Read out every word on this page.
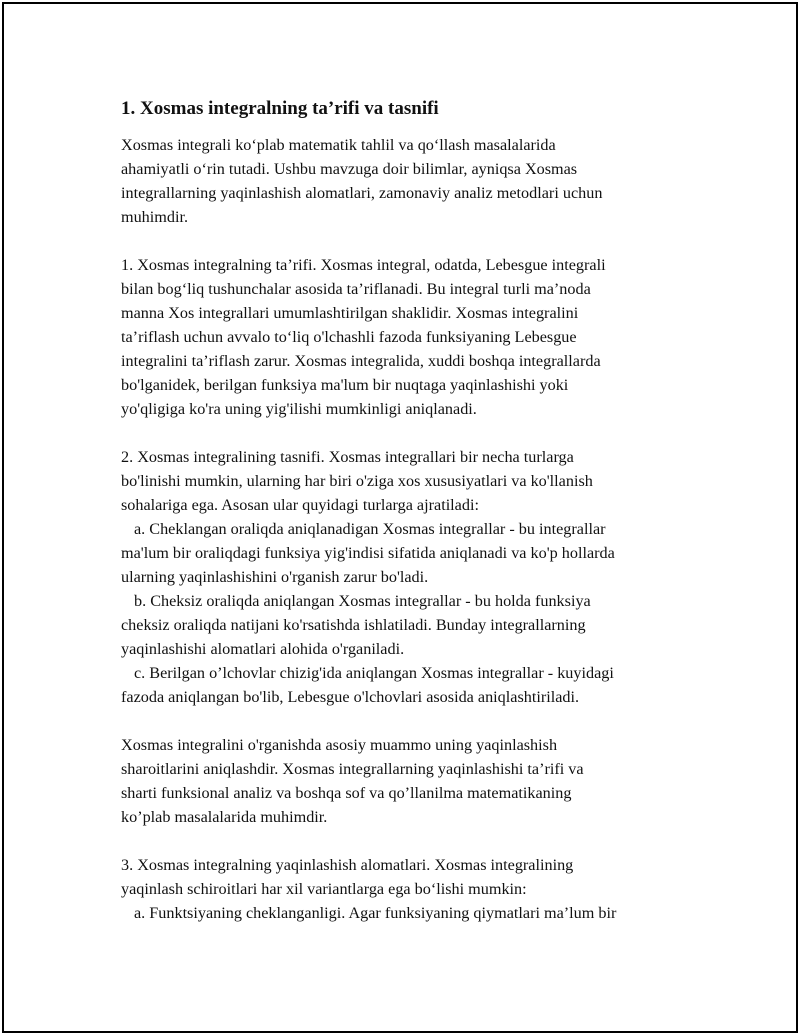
1. Xosmas integralning ta’rifi va tasnifi
Xosmas integrali ko‘plab matematik tahlil va qo‘llash masalalarida
ahamiyatli o‘rin tutadi. Ushbu mavzuga doir bilimlar, ayniqsa Xosmas
integrallarning yaqinlashish alomatlari, zamonaviy analiz metodlari uchun
muhimdir.
1. Xosmas integralning ta’rifi. Xosmas integral, odatda, Lebesgue integrali
bilan bog‘liq tushunchalar asosida ta’riflanadi. Bu integral turli ma’noda
manna Xos integrallari umumlashtirilgan shaklidir. Xosmas integralini
ta’riflash uchun avvalo to‘liq o'lchashli fazoda funksiyaning Lebesgue
integralini ta’riflash zarur. Xosmas integralida, xuddi boshqa integrallarda
bo'lganidek, berilgan funksiya ma'lum bir nuqtaga yaqinlashishi yoki
yo'qligiga ko'ra uning yig'ilishi mumkinligi aniqlanadi.
2. Xosmas integralining tasnifi. Xosmas integrallari bir necha turlarga
bo'linishi mumkin, ularning har biri o'ziga xos xususiyatlari va ko'llanish
sohalariga ega. Asosan ular quyidagi turlarga ajratiladi:
a. Cheklangan oraliqda aniqlanadigan Xosmas integrallar - bu integrallar
ma'lum bir oraliqdagi funksiya yig'indisi sifatida aniqlanadi va ko'p hollarda
ularning yaqinlashishini o'rganish zarur bo'ladi.
b. Cheksiz oraliqda aniqlangan Xosmas integrallar - bu holda funksiya
cheksiz oraliqda natijani ko'rsatishda ishlatiladi. Bunday integrallarning
yaqinlashishi alomatlari alohida o'rganiladi.
c. Berilgan o’lchovlar chizig'ida aniqlangan Xosmas integrallar - kuyidagi
fazoda aniqlangan bo'lib, Lebesgue o'lchovlari asosida aniqlashtiriladi.
Xosmas integralini o'rganishda asosiy muammo uning yaqinlashish
sharoitlarini aniqlashdir. Xosmas integrallarning yaqinlashishi ta’rifi va
sharti funksional analiz va boshqa sof va qo’llanilma matematikaning
ko’plab masalalarida muhimdir.
3. Xosmas integralning yaqinlashish alomatlari. Xosmas integralining
yaqinlash schiroitlari har xil variantlarga ega bo‘lishi mumkin:
a. Funktsiyaning cheklanganligi. Agar funksiyaning qiymatlari ma’lum bir
